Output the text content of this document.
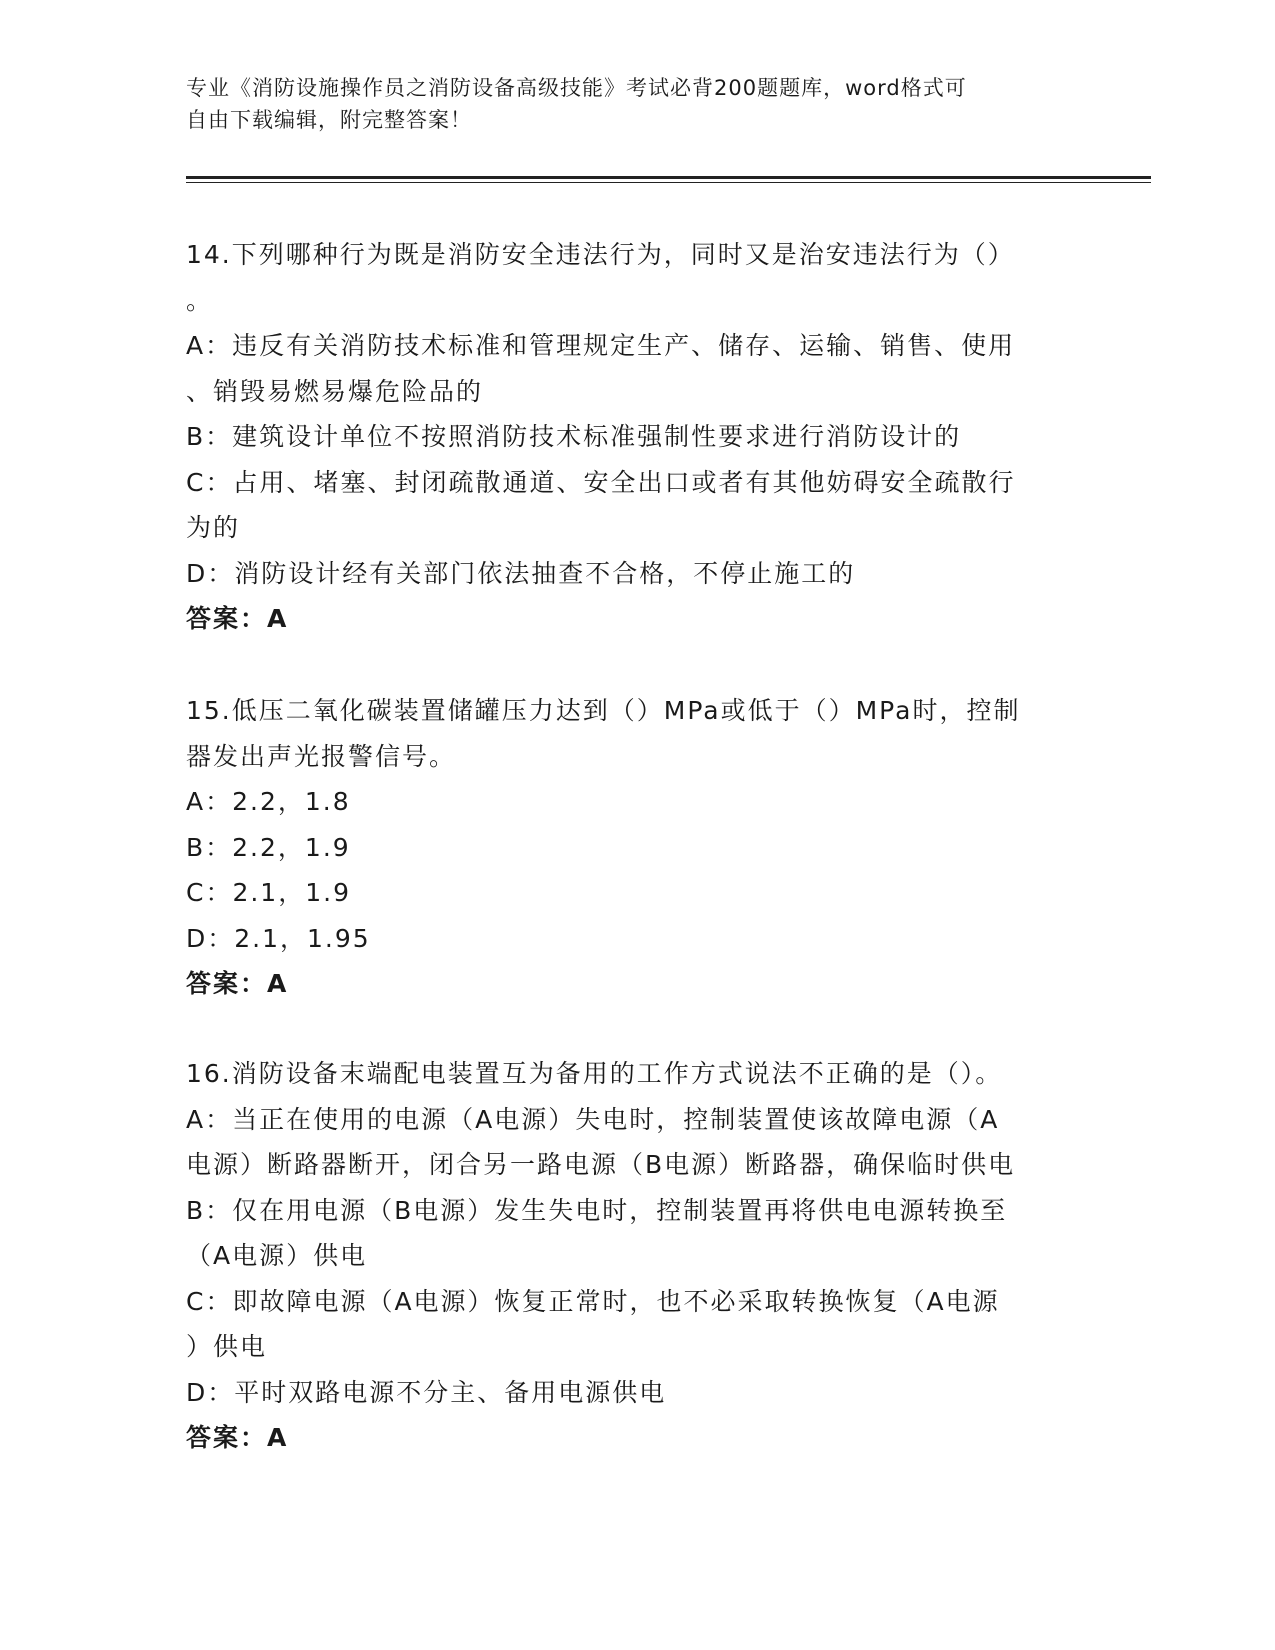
专业《消防设施操作员之消防设备高级技能》考试必背200题题库，word格式可
自由下载编辑，附完整答案！
14.下列哪种行为既是消防安全违法行为，同时又是治安违法行为（）
。
A：违反有关消防技术标准和管理规定生产、储存、运输、销售、使用
、销毁易燃易爆危险品的
B：建筑设计单位不按照消防技术标准强制性要求进行消防设计的
C：占用、堵塞、封闭疏散通道、安全出口或者有其他妨碍安全疏散行
为的
D：消防设计经有关部门依法抽查不合格，不停止施工的
答案：A
15.低压二氧化碳装置储罐压力达到（）MPa或低于（）MPa时，控制
器发出声光报警信号。
A：2.2，1.8
B：2.2，1.9
C：2.1，1.9
D：2.1，1.95
答案：A
16.消防设备末端配电装置互为备用的工作方式说法不正确的是（）。
A：当正在使用的电源（A电源）失电时，控制装置使该故障电源（A
电源）断路器断开，闭合另一路电源（B电源）断路器，确保临时供电
B：仅在用电源（B电源）发生失电时，控制装置再将供电电源转换至
（A电源）供电
C：即故障电源（A电源）恢复正常时，也不必采取转换恢复（A电源
）供电
D：平时双路电源不分主、备用电源供电
答案：A
